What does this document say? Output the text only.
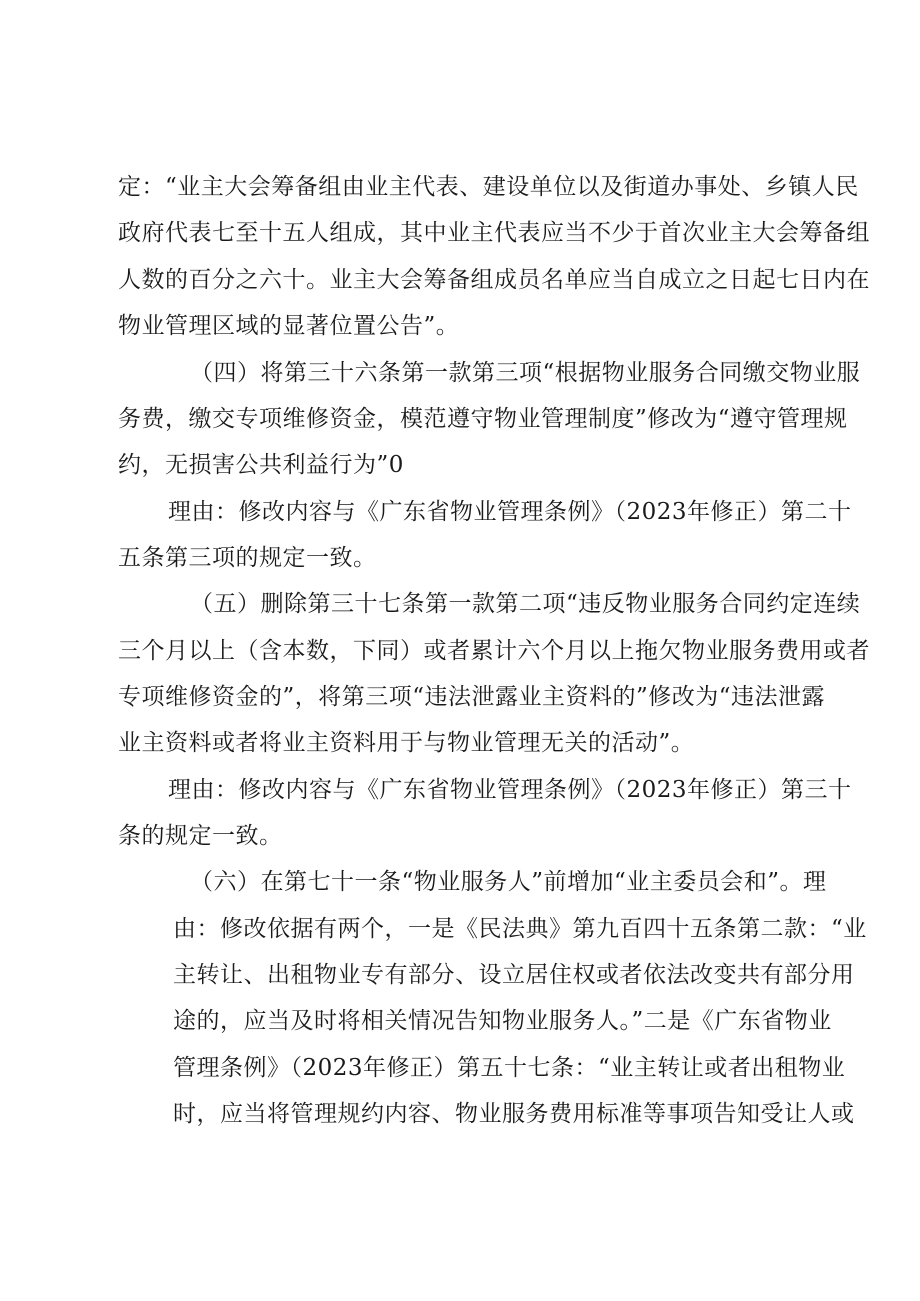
定：“业主大会筹备组由业主代表、建设单位以及街道办事处、乡镇人民
政府代表七至十五人组成，其中业主代表应当不少于首次业主大会筹备组
人数的百分之六十。业主大会筹备组成员名单应当自成立之日起七日内在
物业管理区域的显著位置公告”。
（四）将第三十六条第一款第三项“根据物业服务合同缴交物业服
务费，缴交专项维修资金，模范遵守物业管理制度”修改为“遵守管理规
约，无损害公共利益行为”0
理由：修改内容与《广东省物业管理条例》（2023年修正）第二十
五条第三项的规定一致。
（五）删除第三十七条第一款第二项“违反物业服务合同约定连续
三个月以上（含本数，下同）或者累计六个月以上拖欠物业服务费用或者
专项维修资金的”，将第三项“违法泄露业主资料的”修改为“违法泄露
业主资料或者将业主资料用于与物业管理无关的活动”。
理由：修改内容与《广东省物业管理条例》（2023年修正）第三十
条的规定一致。
（六）在第七十一条“物业服务人”前增加“业主委员会和”。理
由：修改依据有两个，一是《民法典》第九百四十五条第二款：“业
主转让、出租物业专有部分、设立居住权或者依法改变共有部分用
途的，应当及时将相关情况告知物业服务人。”二是《广东省物业
管理条例》（2023年修正）第五十七条：“业主转让或者出租物业
时，应当将管理规约内容、物业服务费用标准等事项告知受让人或
